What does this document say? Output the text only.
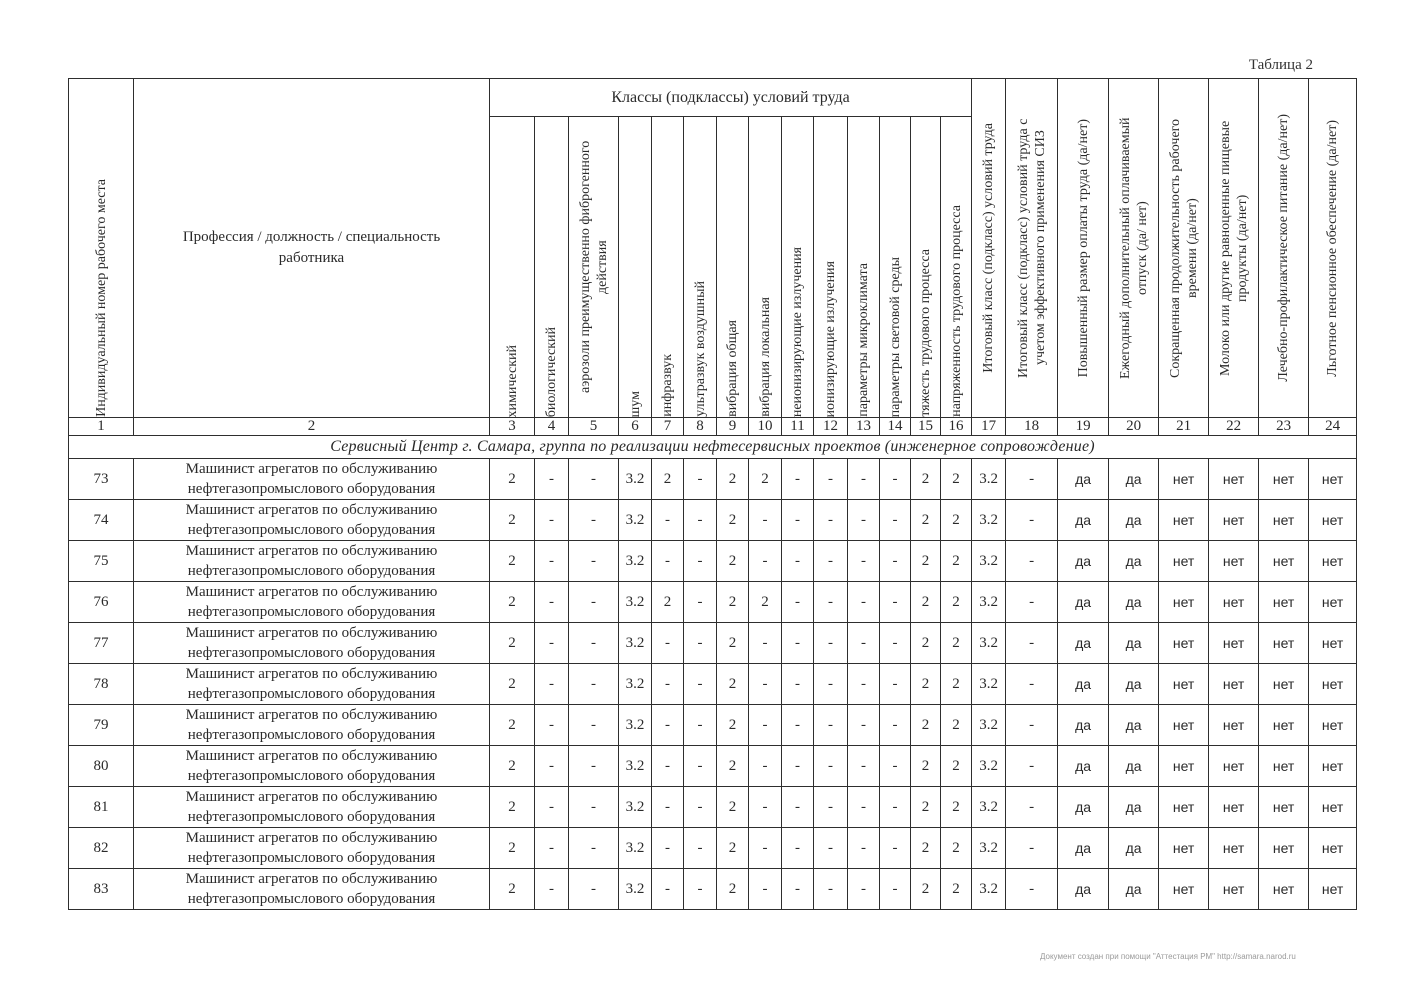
Таблица 2
Индивидуальный номер рабочего места	Профессия / должность / специальность работника	Классы (подклассы) условий труда														Итоговый класс (подкласс) условий труда	Итоговый класс (подкласс) условий труда с учетом эффективного применения СИЗ	Повышенный размер оплаты труда (да/нет)	Ежегодный дополнительный оплачиваемый отпуск (да/ нет)	Сокращенная продолжительность рабочего времени (да/нет)	Молоко или другие равноценные пищевые продукты (да/нет)	Лечебно-профилактическое питание (да/нет)	Льготное пенсионное обеспечение (да/нет)

		химический	биологический	аэрозоли преимущественно фиброгенного действия	шум	инфразвук	ультразвук воздушный	вибрация общая	вибрация локальная	неионизирующие излучения	ионизирующие излучения	параметры микроклимата	параметры световой среды	тяжесть трудового процесса	напряженность трудового процесса								

1	2	3	4	5	6	7	8	9	10	11	12	13	14	15	16	17	18	19	20	21	22	23	24
Сервисный Центр г. Самара, группа по реализации нефтесервисных проектов (инженерное сопровождение)																							
73	Машинист агрегатов по обслуживанию нефтегазопромыслового оборудования	2	-	-	3.2	2	-	2	2	-	-	-	-	2	2	3.2	-	да	да	нет	нет	нет	нет
74	Машинист агрегатов по обслуживанию нефтегазопромыслового оборудования	2	-	-	3.2	-	-	2	-	-	-	-	-	2	2	3.2	-	да	да	нет	нет	нет	нет
75	Машинист агрегатов по обслуживанию нефтегазопромыслового оборудования	2	-	-	3.2	-	-	2	-	-	-	-	-	2	2	3.2	-	да	да	нет	нет	нет	нет
76	Машинист агрегатов по обслуживанию нефтегазопромыслового оборудования	2	-	-	3.2	2	-	2	2	-	-	-	-	2	2	3.2	-	да	да	нет	нет	нет	нет
77	Машинист агрегатов по обслуживанию нефтегазопромыслового оборудования	2	-	-	3.2	-	-	2	-	-	-	-	-	2	2	3.2	-	да	да	нет	нет	нет	нет
78	Машинист агрегатов по обслуживанию нефтегазопромыслового оборудования	2	-	-	3.2	-	-	2	-	-	-	-	-	2	2	3.2	-	да	да	нет	нет	нет	нет
79	Машинист агрегатов по обслуживанию нефтегазопромыслового оборудования	2	-	-	3.2	-	-	2	-	-	-	-	-	2	2	3.2	-	да	да	нет	нет	нет	нет
80	Машинист агрегатов по обслуживанию нефтегазопромыслового оборудования	2	-	-	3.2	-	-	2	-	-	-	-	-	2	2	3.2	-	да	да	нет	нет	нет	нет
81	Машинист агрегатов по обслуживанию нефтегазопромыслового оборудования	2	-	-	3.2	-	-	2	-	-	-	-	-	2	2	3.2	-	да	да	нет	нет	нет	нет
82	Машинист агрегатов по обслуживанию нефтегазопромыслового оборудования	2	-	-	3.2	-	-	2	-	-	-	-	-	2	2	3.2	-	да	да	нет	нет	нет	нет
83	Машинист агрегатов по обслуживанию нефтегазопромыслового оборудования	2	-	-	3.2	-	-	2	-	-	-	-	-	2	2	3.2	-	да	да	нет	нет	нет	нет
Документ создан при помощи "Аттестация РМ" http://samara.narod.ru
